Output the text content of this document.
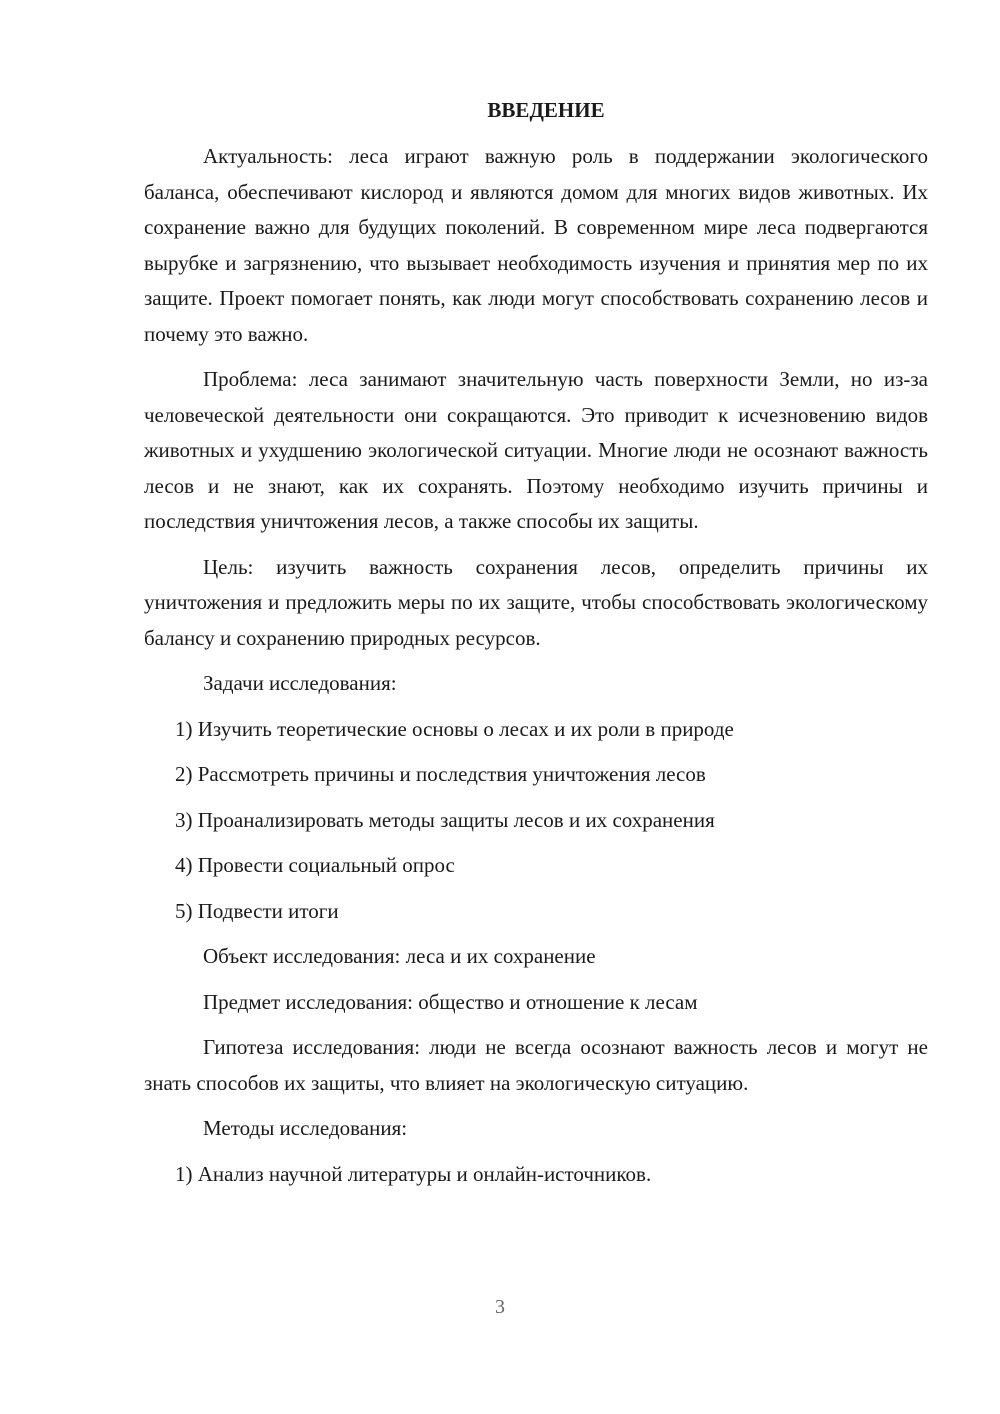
ВВЕДЕНИЕ

Актуальность: леса играют важную роль в поддержании экологического баланса, обеспечивают кислород и являются домом для многих видов животных. Их сохранение важно для будущих поколений. В современном мире леса подвергаются вырубке и загрязнению, что вызывает необходимость изучения и принятия мер по их защите. Проект помогает понять, как люди могут способствовать сохранению лесов и почему это важно.

Проблема: леса занимают значительную часть поверхности Земли, но из-за человеческой деятельности они сокращаются. Это приводит к исчезновению видов животных и ухудшению экологической ситуации. Многие люди не осознают важность лесов и не знают, как их сохранять. Поэтому необходимо изучить причины и последствия уничтожения лесов, а также способы их защиты.

Цель: изучить важность сохранения лесов, определить причины их уничтожения и предложить меры по их защите, чтобы способствовать экологическому балансу и сохранению природных ресурсов.

Задачи исследования:
1) Изучить теоретические основы о лесах и их роли в природе
2) Рассмотреть причины и последствия уничтожения лесов
3) Проанализировать методы защиты лесов и их сохранения
4) Провести социальный опрос
5) Подвести итоги
Объект исследования: леса и их сохранение
Предмет исследования: общество и отношение к лесам

Гипотеза исследования: люди не всегда осознают важность лесов и могут не знать способов их защиты, что влияет на экологическую ситуацию.

Методы исследования:
1) Анализ научной литературы и онлайн-источников.
3
